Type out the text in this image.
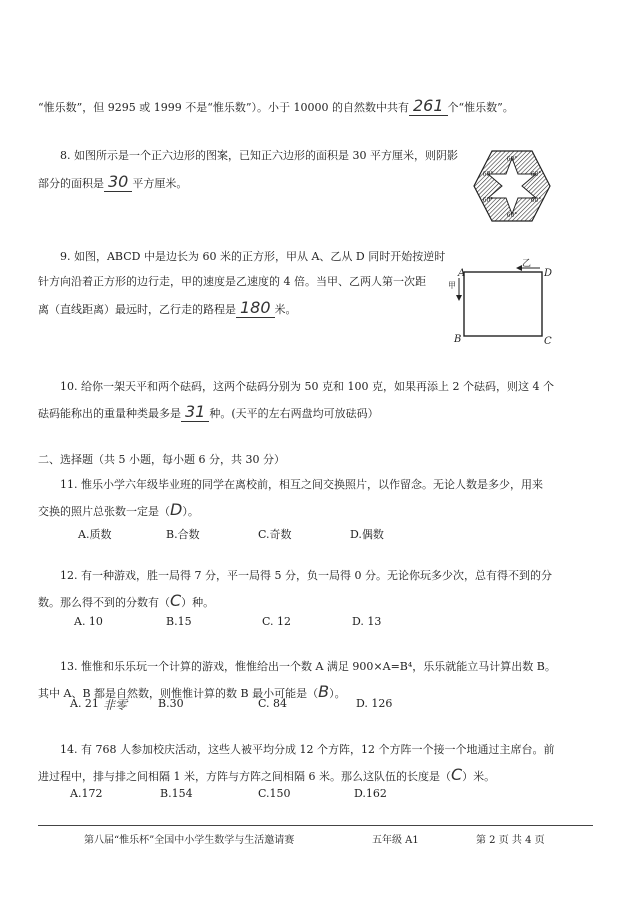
“惟乐数”，但 9295 或 1999 不是“惟乐数”）。小于 10000 的自然数中共有 261 个“惟乐数”。
8. 如图所示是一个正六边形的图案，已知正六边形的面积是 30 平方厘米，则阴影
部分的面积是 30 平方厘米。
60°
60°
60°	60°
60°	60°
9. 如图，ABCD 中是边长为 60 米的正方形，甲从 A、乙从 D 同时开始按逆时
针方向沿着正方形的边行走，甲的速度是乙速度的 4 倍。当甲、乙两人第一次距
离（直线距离）最远时，乙行走的路程是 180 米。
A	D
B	C
甲
乙
10. 给你一架天平和两个砝码，这两个砝码分别为 50 克和 100 克，如果再添上 2 个砝码，则这 4 个
砝码能称出的重量种类最多是 31 种。(天平的左右两盘均可放砝码）
二、选择题（共 5 小题，每小题 6 分，共 30 分）
11. 惟乐小学六年级毕业班的同学在离校前，相互之间交换照片，以作留念。无论人数是多少，用来
交换的照片总张数一定是（D）。
A.质数	B.合数	C.奇数	D.偶数
12. 有一种游戏，胜一局得 7 分，平一局得 5 分，负一局得 0 分。无论你玩多少次，总有得不到的分
数。那么得不到的分数有（C）种。
A. 10	B.15	C. 12	D. 13
13. 惟惟和乐乐玩一个计算的游戏，惟惟给出一个数 A 满足 900×A=B⁴，乐乐就能立马计算出数 B。
其中 A、B 都是自然数，则惟惟计算的数 B 最小可能是（B）。
非零
A. 21	B.30	C. 84	D. 126
14. 有 768 人参加校庆活动，这些人被平均分成 12 个方阵，12 个方阵一个接一个地通过主席台。前
进过程中，排与排之间相隔 1 米，方阵与方阵之间相隔 6 米。那么这队伍的长度是（C）米。
A.172	B.154	C.150	D.162
第八届“惟乐杯”全国中小学生数学与生活邀请赛	五年级 A1	第 2 页 共 4 页
